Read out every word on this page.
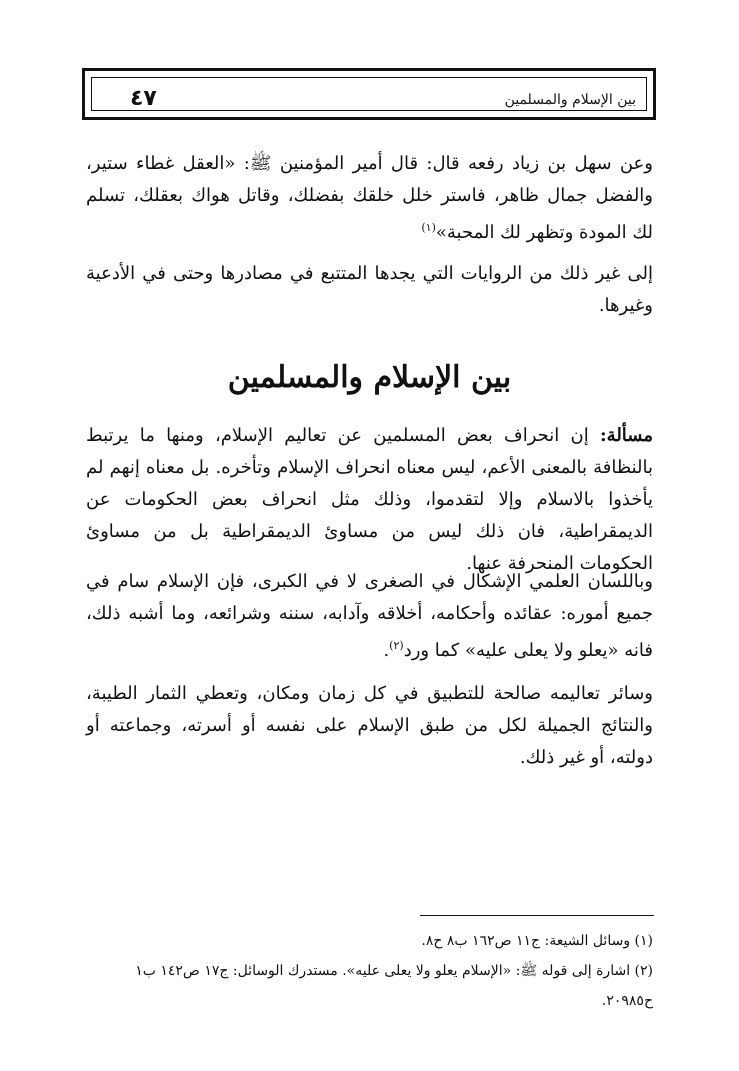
٤٧	بين الإسلام والمسلمين
وعن سهل بن زياد رفعه قال: قال أمير المؤمنين ﷺ: «العقل غطاء ستير، والفضل جمال ظاهر، فاستر خلل خلقك بفضلك، وقاتل هواك بعقلك، تسلم لك المودة وتظهر لك المحبة»$^{(١)}$
إلى غير ذلك من الروايات التي يجدها المتتبع في مصادرها وحتى في الأدعية وغيرها.
بين الإسلام والمسلمين
مسألة: إن انحراف بعض المسلمين عن تعاليم الإسلام، ومنها ما يرتبط بالنظافة بالمعنى الأعم، ليس معناه انحراف الإسلام وتأخره. بل معناه إنهم لم يأخذوا بالاسلام وإلا لتقدموا، وذلك مثل انحراف بعض الحكومات عن الديمقراطية، فان ذلك ليس من مساوئ الديمقراطية بل من مساوئ الحكومات المنحرفة عنها.
وباللسان العلمي الإشكال في الصغرى لا في الكبرى، فإن الإسلام سام في جميع أموره: عقائده وأحكامه، أخلاقه وآدابه، سننه وشرائعه، وما أشبه ذلك، فانه «يعلو ولا يعلى عليه» كما ورد$^{(٢)}$.
وسائر تعاليمه صالحة للتطبيق في كل زمان ومكان، وتعطي الثمار الطيبة، والنتائج الجميلة لكل من طبق الإسلام على نفسه أو أسرته، وجماعته أو دولته، أو غير ذلك.
(١) وسائل الشيعة: ج١١ ص١٦٢ ب٨ ح٨.
(٢) اشارة إلى قوله ﷺ: «الإسلام يعلو ولا يعلى عليه». مستدرك الوسائل: ج١٧ ص١٤٢ ب١ ح٢٠٩٨٥.
